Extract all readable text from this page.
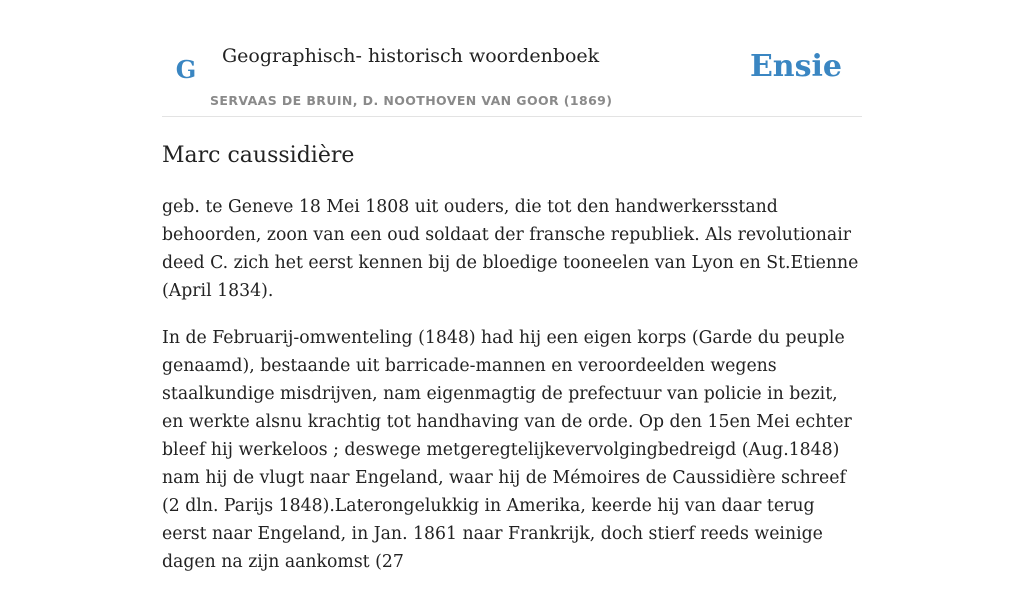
G	Geographisch- historisch woordenboek
SERVAAS DE BRUIN, D. NOOTHOVEN VAN GOOR (1869)
Ensie
Marc caussidière

geb. te Geneve 18 Mei 1808 uit ouders, die tot den handwerkersstand behoorden, zoon van een oud soldaat der fransche republiek. Als revolutionair deed C. zich het eerst kennen bij de bloedige tooneelen van Lyon en St.Etienne (April 1834).

In de Februarij-omwenteling (1848) had hij een eigen korps (Garde du peuple genaamd), bestaande uit barricade-mannen en veroordeelden wegens staalkundige misdrijven, nam eigenmagtig de prefectuur van policie in bezit, en werkte alsnu krachtig tot handhaving van de orde. Op den 15en Mei echter bleef hij werkeloos ; deswege metgeregtelijkevervolgingbedreigd (Aug.1848) nam hij de vlugt naar Engeland, waar hij de Mémoires de Caussidière schreef (2 dln. Parijs 1848).Laterongelukkig in Amerika, keerde hij van daar terug eerst naar Engeland, in Jan. 1861 naar Frankrijk, doch stierf reeds weinige dagen na zijn aankomst (27
